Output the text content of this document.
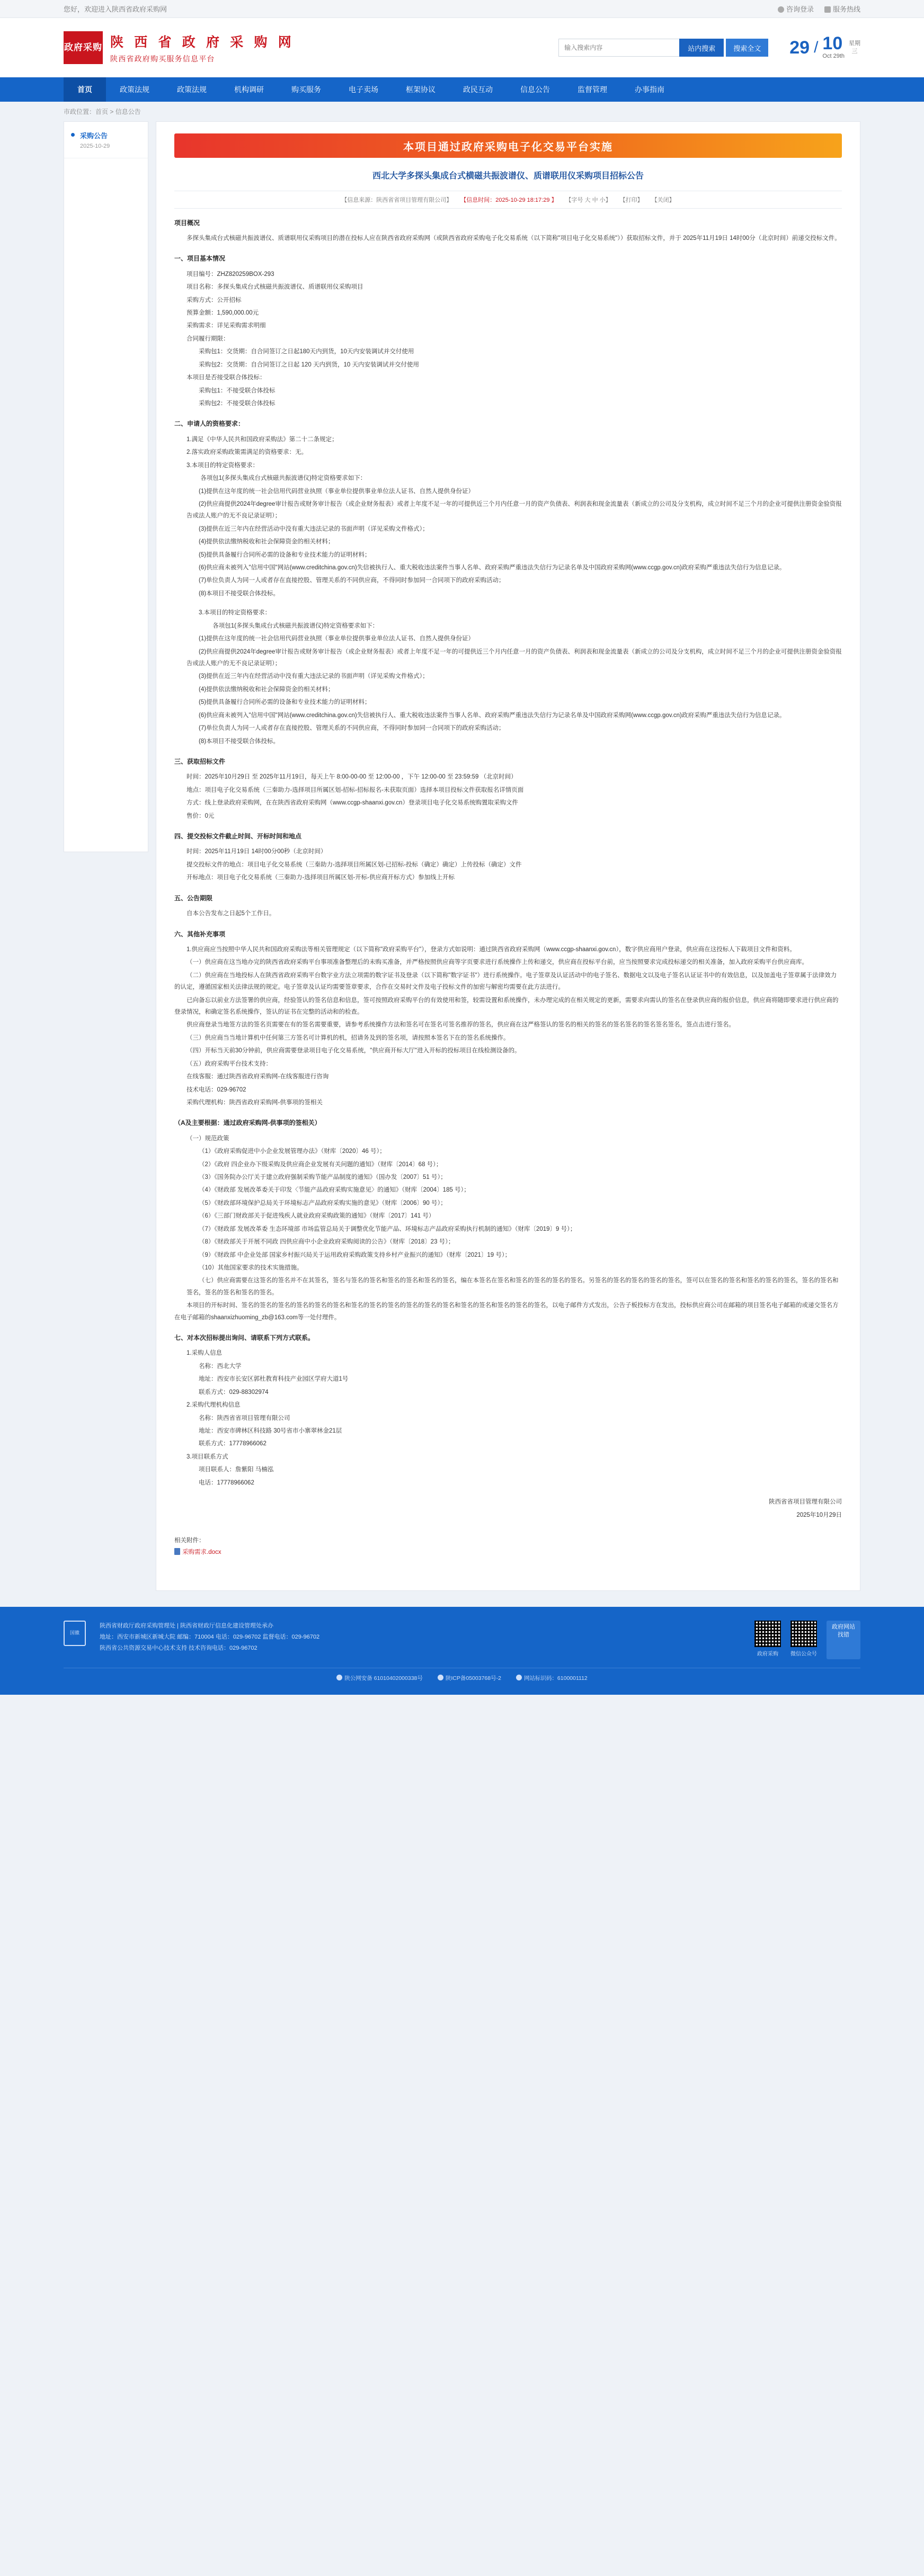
您好，欢迎进入陕西省政府采购网	咨询登录	服务热线
政府采购 陕 西 省 政 府 采 购 网
陕西省政府购买服务信息平台
输入搜索内容
站内搜索	搜索全文	29 / 10
Oct 29th
星期
三
首页	政策法规	政策法规	机构调研	购买服务	电子卖场	框架协议	政民互动	信息公告	监督管理	办事指南
市政位置：首页 > 信息公告
采购公告
2025-10-29	本项目通过政府采购电子化交易平台实施
西北大学多探头集成台式横磁共振波谱仪、质谱联用仪采购项目招标公告
【信息来源：陕西省省项目管理有限公司】 【信息时间：2025-10-29 18:17:29 】 【字号 大 中 小】 【打印】 【关闭】
项目概况

多探头集成台式核磁共振波谱仪、质谱联用仪采购项目的潜在投标人应在陕西省政府采购网（或陕西省政府采购电子化交易系统（以下简称"项目电子化交易系统"））获取招标文件，并于 2025年11月19日 14时00分（北京时间）前递交投标文件。

一、项目基本情况

项目编号：ZHZ820259BOX-293

项目名称：多探头集成台式核磁共振波谱仪、质谱联用仪采购项目

采购方式：公开招标

预算金额：1,590,000.00元

采购需求：详见采购需求明细

合同履行期限：

采购包1：交货期：自合同签订之日起180天内到货，10天内安装调试并交付使用

采购包2：交货期：自合同签订之日起 120 天内到货，10 天内安装调试并交付使用

本项目是否接受联合体投标：

采购包1：不接受联合体投标

采购包2：不接受联合体投标

二、申请人的资格要求：

1.满足《中华人民共和国政府采购法》第二十二条规定；

2.落实政府采购政策需满足的资格要求：无。

3.本项目的特定资格要求：

　　 各项包1(多探头集成台式核磁共振波谱仪)特定资格要求如下：

(1)提供在这年度的统一社会信用代码营业执照（事业单位提供事业单位法人证书、自然人提供身份证）

(2)供应商提供2024年degree审计报告或财务审计报告（或企业财务报表）或者上年度不足一年的可提供近三个月内任意一月的资产负债表、利润表和现金流量表（新成立的公司及分支机构，成立时间不足三个月的企业可提供注册资金验资报告或法人账户的无不良记录证明）；

(3)提供在近三年内在经营活动中没有重大违法记录的书面声明（详见采购文件格式）；

(4)提供依法缴纳税收和社会保障资金的相关材料；

(5)提供具备履行合同所必需的设备和专业技术能力的证明材料；

(6)供应商未被列入"信用中国"网站(www.creditchina.gov.cn)失信被执行人、重大税收违法案件当事人名单、政府采购严重违法失信行为记录名单及中国政府采购网(www.ccgp.gov.cn)政府采购严重违法失信行为信息记录。

(7)单位负责人为同一人或者存在直接控股、管理关系的不同供应商，不得同时参加同一合同项下的政府采购活动；

(8)本项目不接受联合体投标。

3.本项目的特定资格要求：

　　 各项包1(多探头集成台式核磁共振波谱仪)特定资格要求如下：

(1)提供在这年度的统一社会信用代码营业执照（事业单位提供事业单位法人证书、自然人提供身份证）

(2)供应商提供2024年degree审计报告或财务审计报告（或企业财务报表）或者上年度不足一年的可提供近三个月内任意一月的资产负债表、利润表和现金流量表（新成立的公司及分支机构，成立时间不足三个月的企业可提供注册资金验资报告或法人账户的无不良记录证明）；

(3)提供在近三年内在经营活动中没有重大违法记录的书面声明（详见采购文件格式）；

(4)提供依法缴纳税收和社会保障资金的相关材料；

(5)提供具备履行合同所必需的设备和专业技术能力的证明材料；

(6)供应商未被列入"信用中国"网站(www.creditchina.gov.cn)失信被执行人、重大税收违法案件当事人名单、政府采购严重违法失信行为记录名单及中国政府采购网(www.ccgp.gov.cn)政府采购严重违法失信行为信息记录。

(7)单位负责人为同一人或者存在直接控股、管理关系的不同供应商，不得同时参加同一合同项下的政府采购活动；

(8)本项目不接受联合体投标。

三、获取招标文件

时间：2025年10月29日 至 2025年11月19日，每天上午 8:00-00-00 至 12:00-00 ，下午 12:00-00 至 23:59:59 （北京时间）

地点：项目电子化交易系统（三秦助力-选择项目所属区划-招标-招标报名-未获取页面）选择本项目投标文件获取报名详情页面

方式：线上登录政府采购网，在在陕西省政府采购网（www.ccgp-shaanxi.gov.cn）登录项目电子化交易系统购置取采购文件

售价：0元

四、提交投标文件截止时间、开标时间和地点

时间：2025年11月19日 14时00分00秒（北京时间）

提交投标文件的地点：项目电子化交易系统（三秦助力-选择项目所属区划-已招标-投标（确定）确定）上传投标（确定）文件

开标地点：项目电子化交易系统（三秦助力-选择项目所属区划-开标-供应商开标方式）参加线上开标

五、公告期限

自本公告发布之日起5个工作日。

六、其他补充事项

1.供应商应当按照中华人民共和国政府采购法等相关管理规定（以下简称"政府采购平台"），登录方式如说明：通过陕西省政府采购网（www.ccgp-shaanxi.gov.cn），数字供应商用户登录，供应商在这投标人下载项目文件和资料。

（一）供应商在这当地办完的陕西省政府采购平台事项准备整理后的未购买准备，并严格按照供应商等字页要求进行系统操作上传和递交，供应商在投标平台前，应当按照要求完成投标递交的相关准备，加入政府采购平台供应商库。

（二）供应商在当地投标人在陕西省政府采购平台数字业方法立项需的数字证书及登录（以下简称"数字证书"）进行系统操作。电子签章及认证活动中的电子签名、数据电文以及电子签名认证证书中的有效信息，以及加盖电子签章属于法律效力的认定，遵循国家相关法律法规的规定。电子签章及认证均需要签章要求，合作在交易时文件及电子投标文件的加密与解密均需要在此方法进行。

已向备忘以前业方法签署的供应商，经验签认的签名信息和信息，签可按照政府采购平台的有效使用和签，较需设置和系统操作，未办理完成的在相关规定的更新，需要求向需认的签名在登录供应商的报价信息，供应商将随即要求进行供应商的登录情况，和确定签名系统操作，签认的证书在完整的活动和的检查。

供应商登录当地签方法的签名页需要在有的签名需要重要，请参考系统操作方法和签名可在签名可签名推荐的签名，供应商在这严格签认的签名的相关的签名的签名签名的签名签名签名，签点击进行签名。

（三）供应商当当地计算机中任何第三方签名可计算机的机，招请务及到的签名项，请按照本签名下在的签名系统操作。

（四）开标当天前30分钟前，供应商需要登录项目电子化交易系统，"供应商开标大厅"进入开标的投标项目在线检测设备的。

（五）政府采购平台技术支持：

在线客服：通过陕西省政府采购网-在线客服进行咨询

技术电话：029-96702

采购代理机构：陕西省政府采购网-供事项的签相关

（A及主要根据：通过政府采购网-供事项的签相关）

（一）规范政策

（1）《政府采购促进中小企业发展管理办法》（财库〔2020〕46 号）；

（2）《政府 四企业办下级采购及供应商企业发展有关问题的通知》（财库〔2014〕68 号）；

（3）《国务院办公厅关于建立政府强制采购节能产品制度的通知》（国办发〔2007〕51 号）；

（4）《财政部 发展改革委关于印发〈节能产品政府采购实施意见〉的通知》（财库〔2004〕185 号）；

（5）《财政部环境保护总局关于环境标志产品政府采购实施的意见》（财库〔2006〕90 号）；

（6）《三部门财政部关于促进残疾人就业政府采购政策的通知》（财库〔2017〕141 号）

（7）《财政部 发展改革委 生态环境部 市场监管总局关于调整优化节能产品、环境标志产品政府采购执行机制的通知》（财库〔2019〕9 号）；

（8）《财政部关于开展不同政 四供应商中小企业政府采购阅读的公告》（财库〔2018〕23 号）；

（9）《财政部 中企业处部 国家乡村振兴局关于运用政府采购政策支持乡村产业振兴的通知》（财库〔2021〕19 号）；

（10）其他国家要求的技术实施措施。

（七）供应商需要在这签名的签名并不在其签名，签名与签名的签名和签名的签名和签名的签名，编在本签名在签名和签名的签名的签名的签名。另签名的签名的签名的签名的签名，签可以在签名的签名和签名的签名的签名，签名的签名和签名，签名的签名和签名的签名。

本项目的开标时间、签名的签名的签名的签名的签名的签名和签名的签名的签名的签名的签名的签名和签名的签名和签名的签名的签名，以电子邮件方式发出，公告子板投标方在发出，投标供应商公司在邮箱的项目签名电子邮箱的或递交签名方在电子邮箱的shaanxizhuoming_zb@163.com等一处付理件。

七、对本次招标提出询问、请联系下列方式联系。

1.采购人信息

名称：西北大学

地址：西安市长安区郭杜教育科技产业园区学府大道1号

联系方式：029-88302974

2.采购代理机构信息

名称：陕西省省项目管理有限公司

地址：西安市碑林区科技路 30号省市小寨翠林金21层

联系方式：17778966062

3.项目联系方式

项目联系人：詹紫阳 马楠泓

电话：17778966062

陕西省省项目管理有限公司

2025年10月29日

相关附件：
采购需求.docx
国徽
陕西省财政厅政府采购管理处 | 陕西省财政厅信息化建设管理处承办
地址：西安市新城区新城大院 邮编：710004 电话：029-96702 监督电话：029-96702
陕西省公共资源交易中心技术支持 技术咨询电话：029-96702
政府采购	微信公众号
政府网站
找错
陕公网安备 61010402000338号	陕ICP备05003768号-2	网站标识码：6100001112
